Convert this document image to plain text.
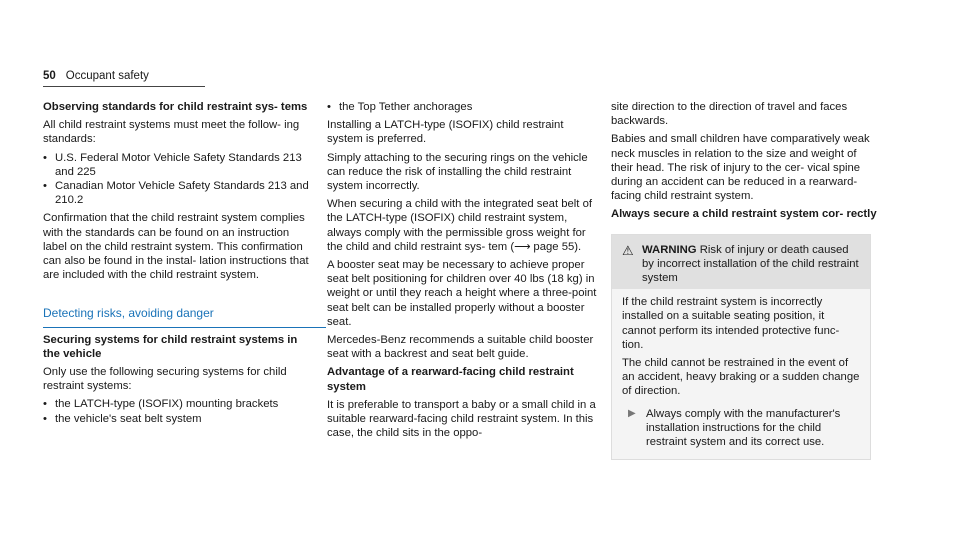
50 Occupant safety

Observing standards for child restraint sys- tems

All child restraint systems must meet the follow- ing standards:

• U.S. Federal Motor Vehicle Safety Standards 213 and 225
• Canadian Motor Vehicle Safety Standards 213 and 210.2

Confirmation that the child restraint system complies with the standards can be found on an instruction label on the child restraint system. This confirmation can also be found in the instal- lation instructions that are included with the child restraint system.

Detecting risks, avoiding danger

Securing systems for child restraint systems in the vehicle

Only use the following securing systems for child restraint systems:

• the LATCH-type (ISOFIX) mounting brackets
• the vehicle's seat belt system
• the Top Tether anchorages

Installing a LATCH-type (ISOFIX) child restraint system is preferred.

Simply attaching to the securing rings on the vehicle can reduce the risk of installing the child restraint system incorrectly.

When securing a child with the integrated seat belt of the LATCH-type (ISOFIX) child restraint system, always comply with the permissible gross weight for the child and child restraint sys- tem (⟶ page 55).

A booster seat may be necessary to achieve proper seat belt positioning for children over 40 lbs (18 kg) in weight or until they reach a height where a three-point seat belt can be installed properly without a booster seat.

Mercedes-Benz recommends a suitable child booster seat with a backrest and seat belt guide.

Advantage of a rearward-facing child restraint system

It is preferable to transport a baby or a small child in a suitable rearward-facing child restraint system. In this case, the child sits in the oppo-

site direction to the direction of travel and faces backwards.

Babies and small children have comparatively weak neck muscles in relation to the size and weight of their head. The risk of injury to the cer- vical spine during an accident can be reduced in a rearward-facing child restraint system.

Always secure a child restraint system cor- rectly

⚠ WARNING Risk of injury or death caused by incorrect installation of the child restraint system

If the child restraint system is incorrectly installed on a suitable seating position, it cannot perform its intended protective func- tion.

The child cannot be restrained in the event of an accident, heavy braking or a sudden change of direction.

▶ Always comply with the manufacturer's installation instructions for the child restraint system and its correct use.
